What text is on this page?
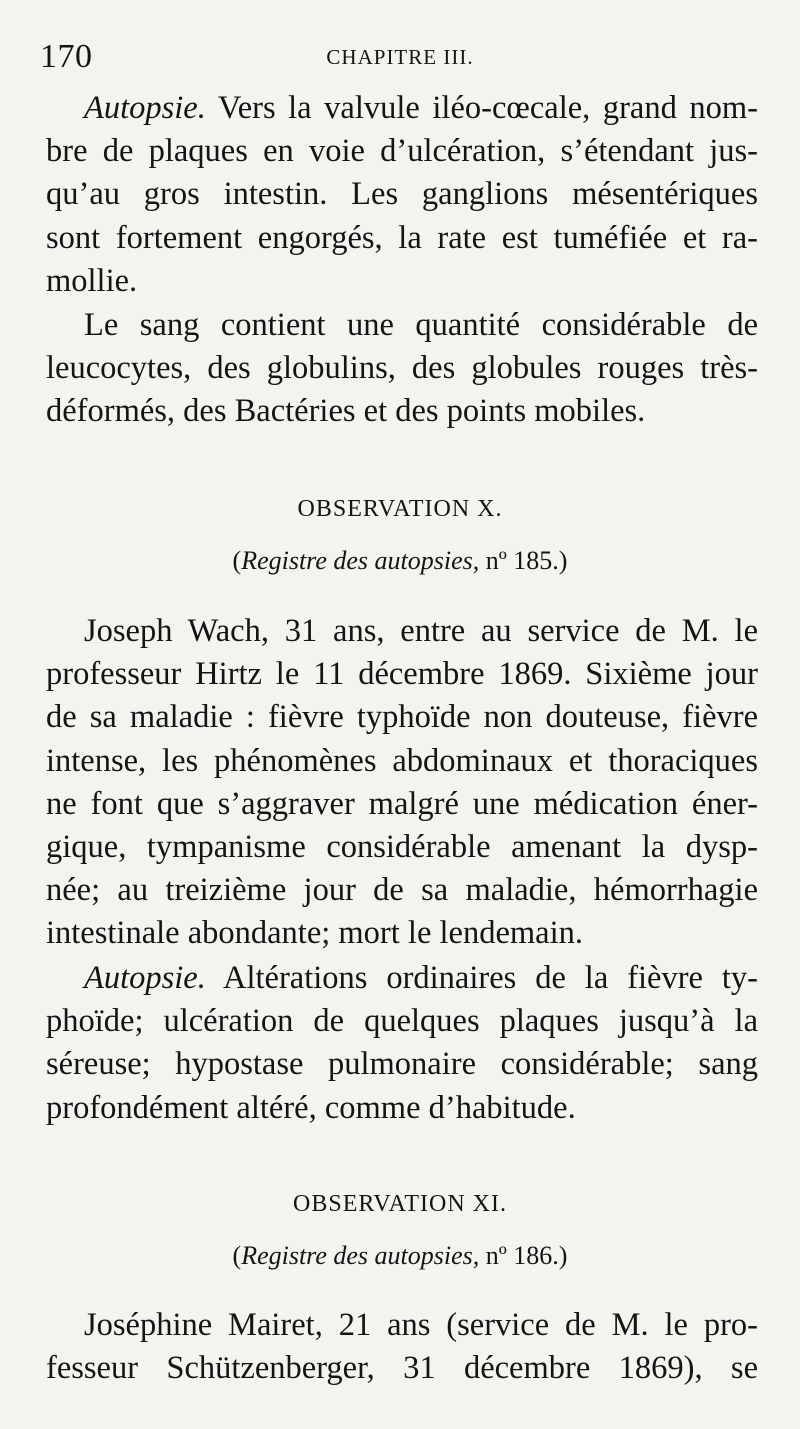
170	CHAPITRE III.
Autopsie. Vers la valvule iléo-cœcale, grand nom-
bre de plaques en voie d’ulcération, s’étendant jus-
qu’au gros intestin. Les ganglions mésentériques
sont fortement engorgés, la rate est tuméfiée et ra-
mollie.
Le sang contient une quantité considérable de
leucocytes, des globulins, des globules rouges très-
déformés, des Bactéries et des points mobiles.
OBSERVATION X.
(Registre des autopsies, nº 185.)
Joseph Wach, 31 ans, entre au service de M. le
professeur Hirtz le 11 décembre 1869. Sixième jour
de sa maladie : fièvre typhoïde non douteuse, fièvre
intense, les phénomènes abdominaux et thoraciques
ne font que s’aggraver malgré une médication éner-
gique, tympanisme considérable amenant la dysp-
née; au treizième jour de sa maladie, hémorrhagie
intestinale abondante; mort le lendemain.
Autopsie. Altérations ordinaires de la fièvre ty-
phoïde; ulcération de quelques plaques jusqu’à la
séreuse; hypostase pulmonaire considérable; sang
profondément altéré, comme d’habitude.
OBSERVATION XI.
(Registre des autopsies, nº 186.)
Joséphine Mairet, 21 ans (service de M. le pro-
fesseur Schützenberger, 31 décembre 1869), se
